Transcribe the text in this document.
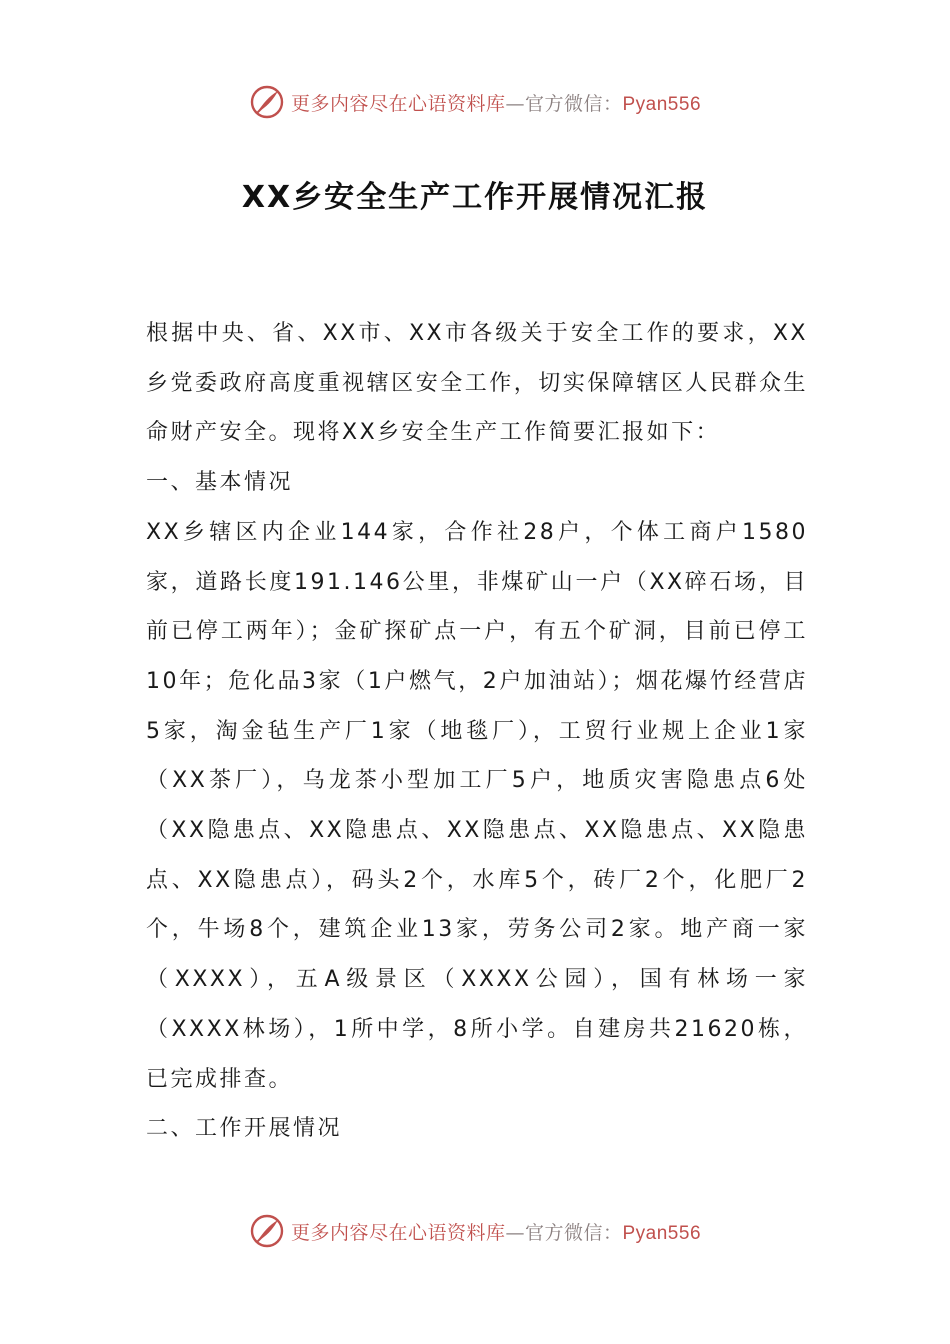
更多内容尽在心语资料库—官方微信：Pyan556
XX乡安全生产工作开展情况汇报

根据中央、省、XX市、XX市各级关于安全工作的要求，XX乡党委政府高度重视辖区安全工作，切实保障辖区人民群众生命财产安全。现将XX乡安全生产工作简要汇报如下：

一、基本情况

XX乡辖区内企业144家，合作社28户，个体工商户1580家，道路长度191.146公里，非煤矿山一户（XX碎石场，目前已停工两年）；金矿探矿点一户，有五个矿洞，目前已停工10年；危化品3家（1户燃气，2户加油站）；烟花爆竹经营店5家，淘金毡生产厂1家（地毯厂），工贸行业规上企业1家（XX茶厂），乌龙茶小型加工厂5户，地质灾害隐患点6处（XX隐患点、XX隐患点、XX隐患点、XX隐患点、XX隐患点、XX隐患点），码头2个，水库5个，砖厂2个，化肥厂2个，牛场8个，建筑企业13家，劳务公司2家。地产商一家（XXXX），五A级景区（XXXX公园），国有林场一家（XXXX林场），1所中学，8所小学。自建房共21620栋，已完成排查。

二、工作开展情况

更多内容尽在心语资料库—官方微信：Pyan556
